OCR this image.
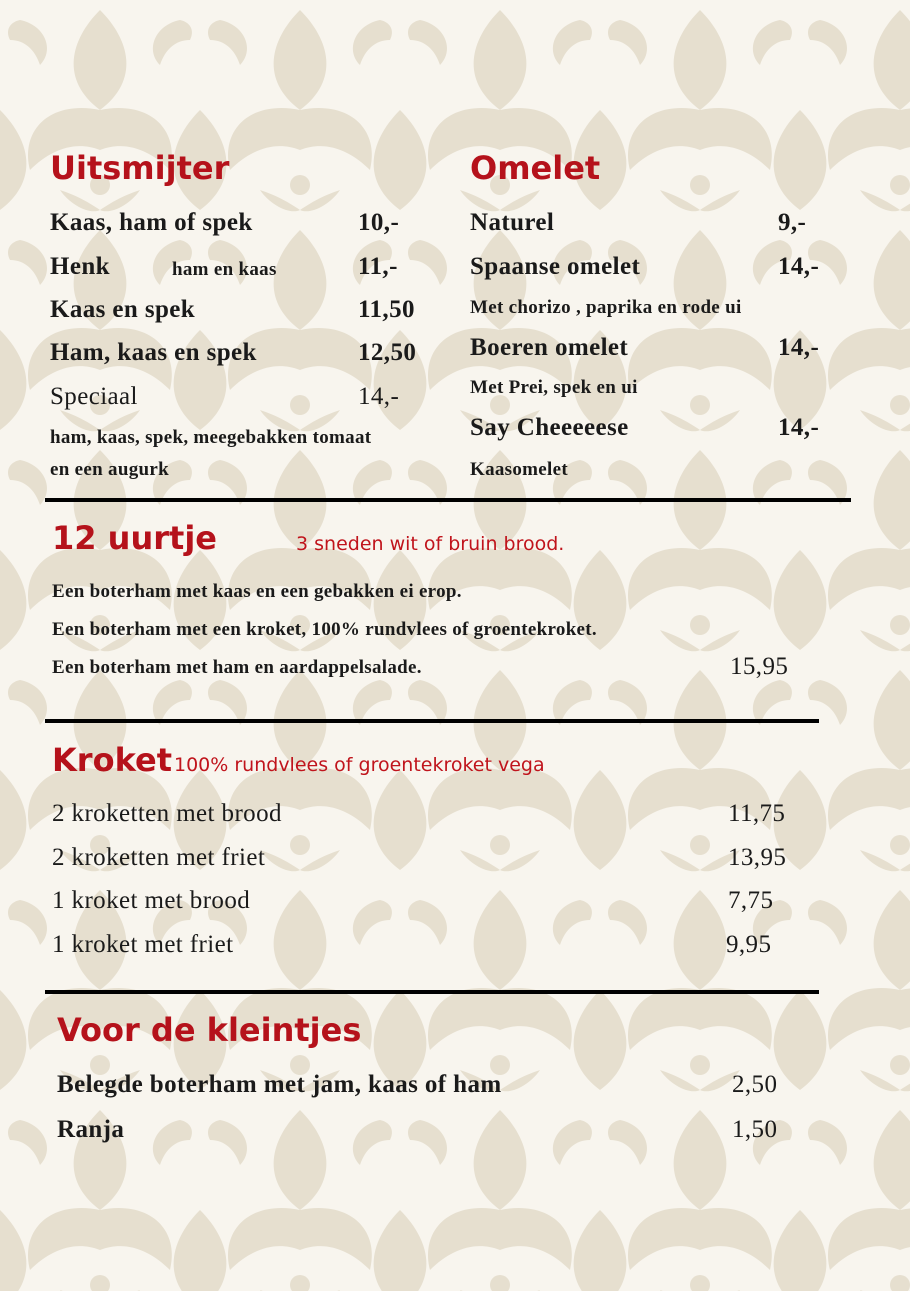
Uitsmijter
Kaas, ham of spek	10,-
Henk	ham en kaas	11,-
Kaas en spek	11,50
Ham, kaas en spek	12,50
Speciaal	14,-
ham, kaas, spek, meegebakken tomaat
en een augurk
Omelet
Naturel	9,-
Spaanse omelet	14,-
Met chorizo , paprika en rode ui
Boeren omelet	14,-
Met Prei, spek en ui
Say Cheeeeese	14,-
Kaasomelet
12 uurtje	3 sneden wit of bruin brood.
Een boterham met kaas en een gebakken ei erop.
Een boterham met een kroket, 100% rundvlees of groentekroket.
Een boterham met ham en aardappelsalade.	15,95
Kroket 100% rundvlees of groentekroket vega
2 kroketten met brood	11,75
2 kroketten met friet	13,95
1 kroket met brood	7,75
1 kroket met friet	9,95
Voor de kleintjes
Belegde boterham met jam, kaas of ham	2,50
Ranja	1,50
